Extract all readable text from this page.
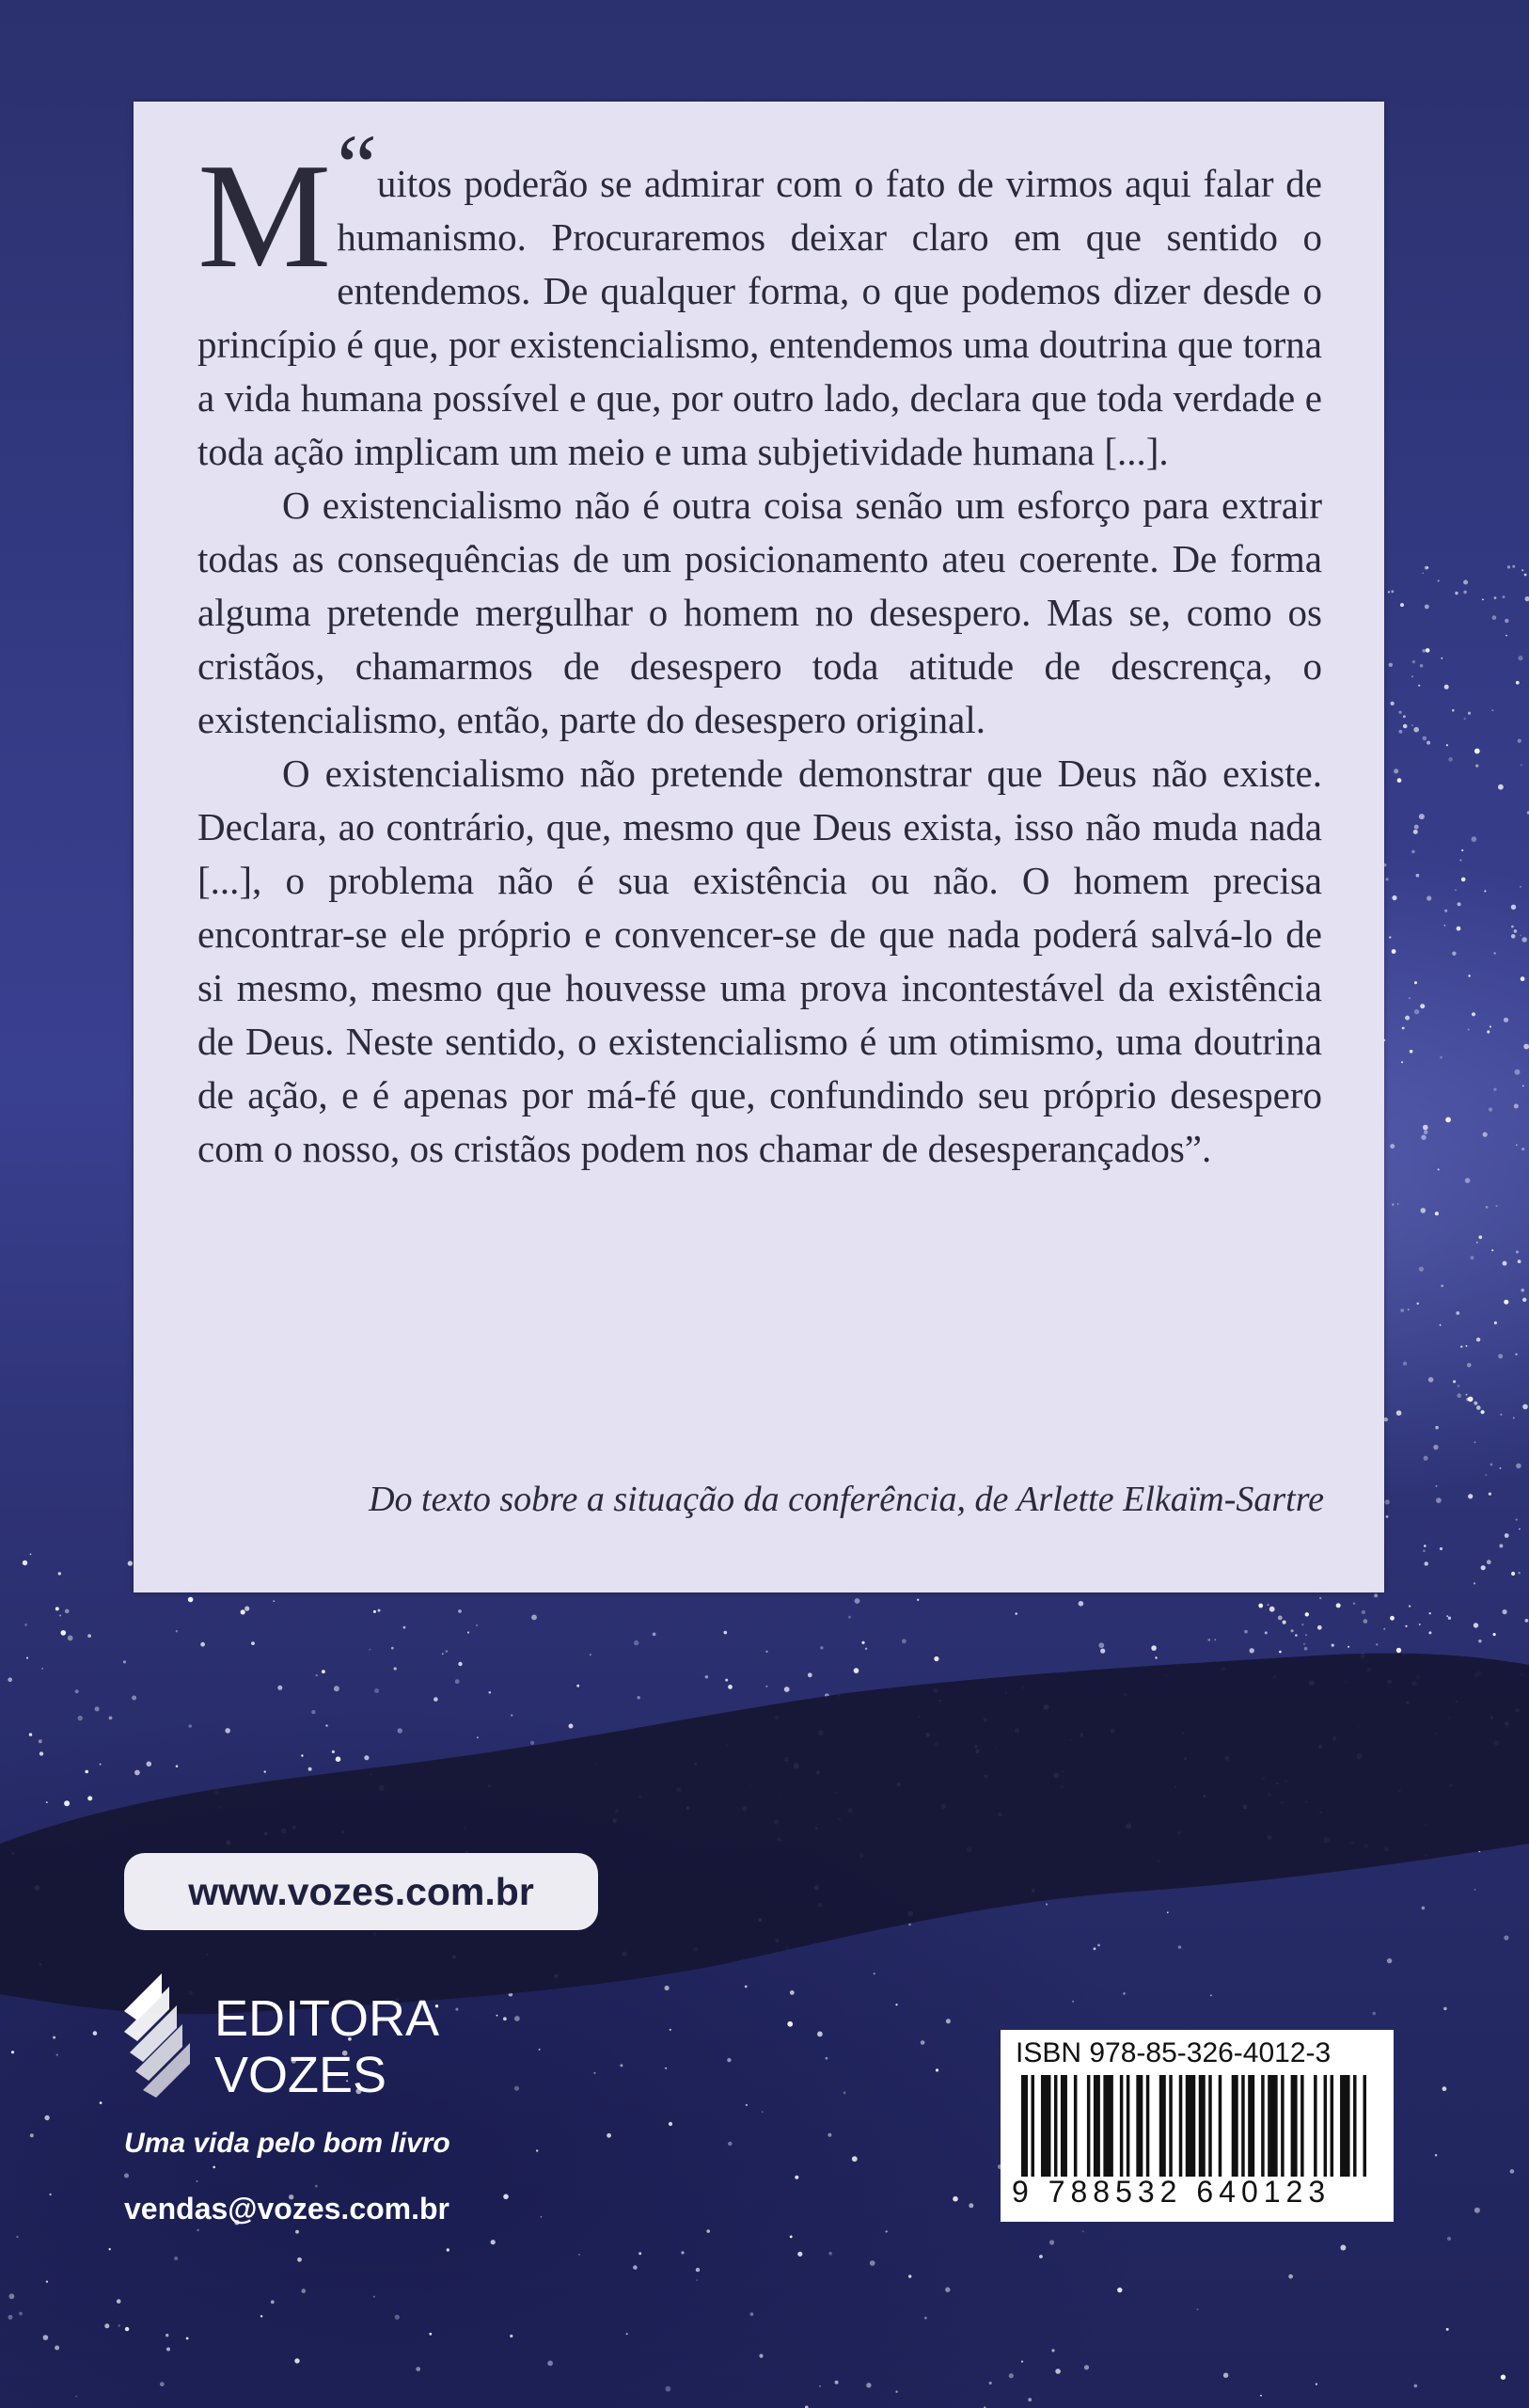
“
M uitos poderão se admirar com o fato de virmos aqui falar de humanismo. Procuraremos deixar claro em que sentido o entendemos. De qualquer forma, o que podemos dizer desde o princípio é que, por existencialismo, entendemos uma doutrina que torna a vida humana possível e que, por outro lado, declara que toda verdade e toda ação implicam um meio e uma subjetividade humana [...].

O existencialismo não é outra coisa senão um esforço para extrair todas as consequências de um posicionamento ateu coerente. De forma alguma pretende mergulhar o homem no desespero. Mas se, como os cristãos, chamarmos de desespero toda atitude de descrença, o existencialismo, então, parte do desespero original.

O existencialismo não pretende demonstrar que Deus não existe. Declara, ao contrário, que, mesmo que Deus exista, isso não muda nada [...], o problema não é sua existência ou não. O homem precisa encontrar-se ele próprio e convencer-se de que nada poderá salvá-lo de si mesmo, mesmo que houvesse uma prova incontestável da existência de Deus. Neste sentido, o existencialismo é um otimismo, uma doutrina de ação, e é apenas por má-fé que, confundindo seu próprio desespero com o nosso, os cristãos podem nos chamar de desesperançados”.

Do texto sobre a situação da conferência, de Arlette Elkaïm-Sartre
www.vozes.com.br
EDITORA
VOZES
Uma vida pelo bom livro
vendas@vozes.com.br
ISBN 978-85-326-4012-3
9 788532 640123
